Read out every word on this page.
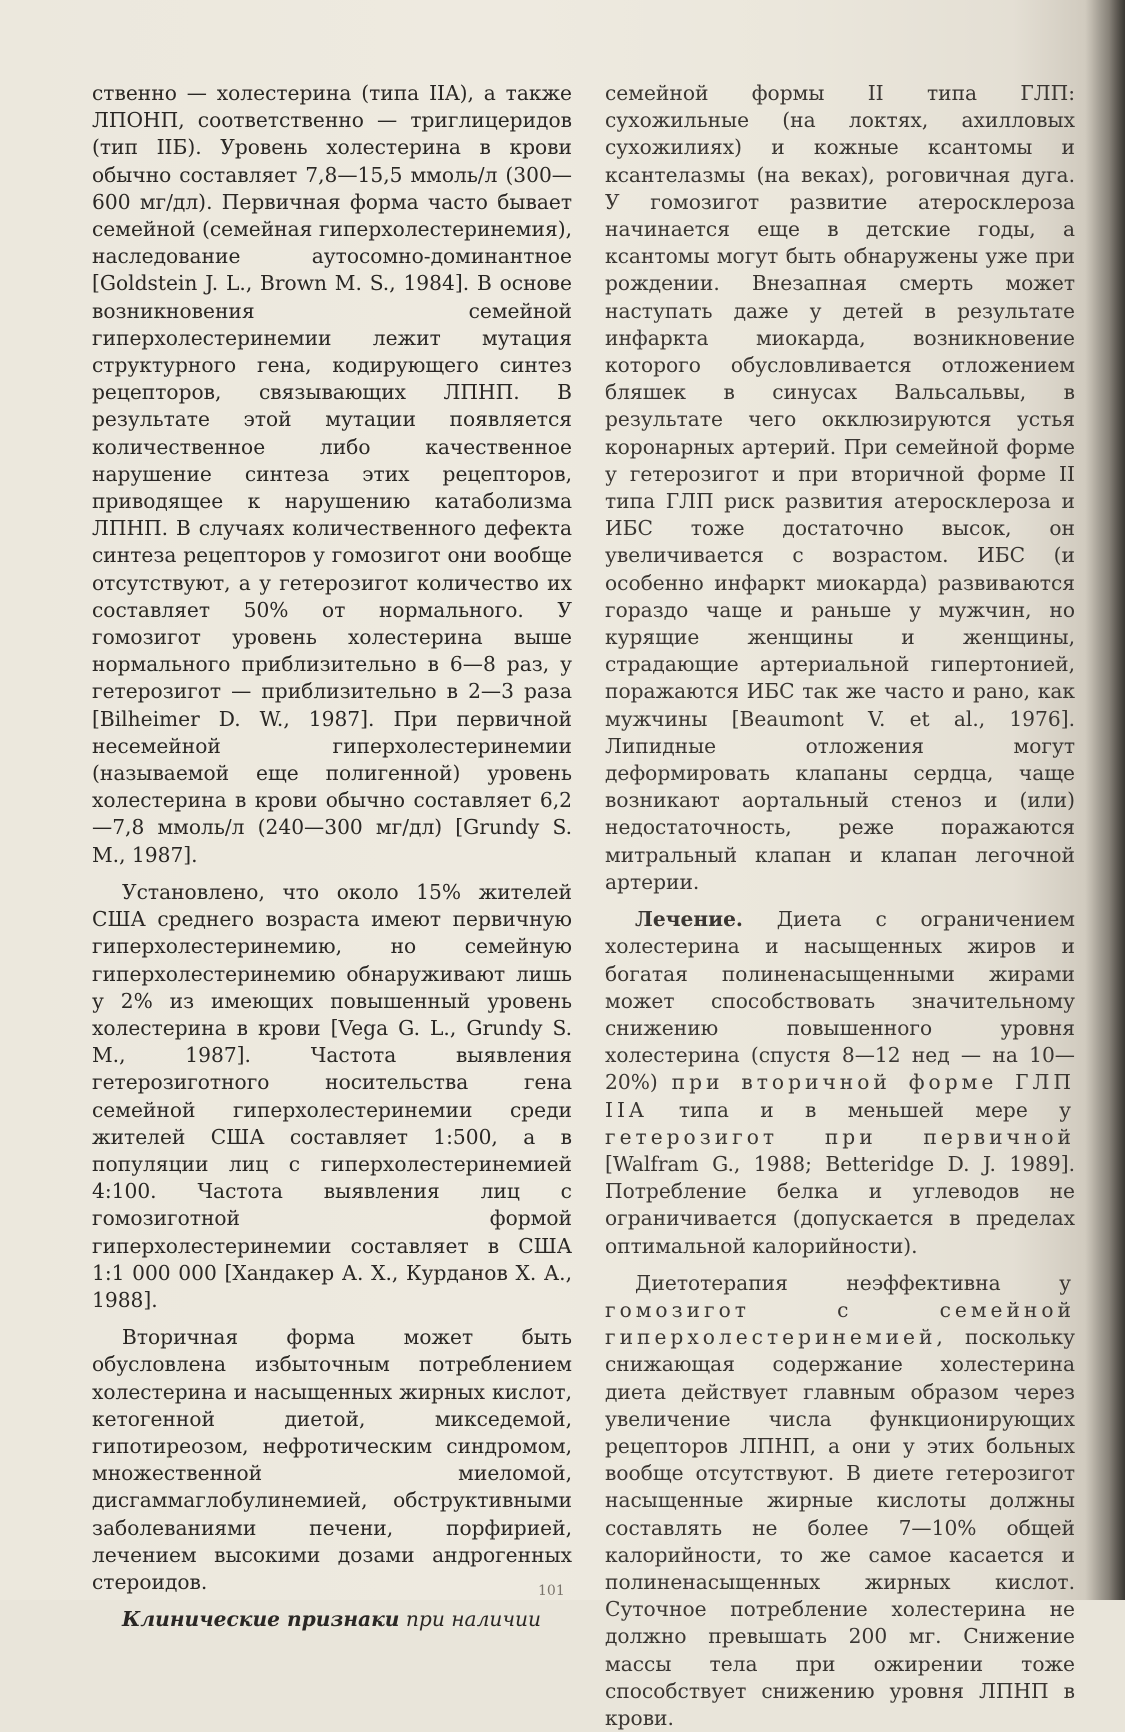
ственно — холестерина (типа IIA), а также ЛПОНП, соответственно — триглицеридов (тип IIБ). Уровень холестерина в крови обычно составляет 7,8—15,5 ммоль/л (300—600 мг/дл). Первичная форма часто бывает семейной (семейная гиперхолестеринемия), наследование аутосомно-доминантное [Goldstein J. L., Brown M. S., 1984]. В основе возникновения семейной гиперхолестеринемии лежит мутация структурного гена, кодирующего синтез рецепторов, связывающих ЛПНП. В результате этой мутации появляется количественное либо качественное нарушение синтеза этих рецепторов, приводящее к нарушению катаболизма ЛПНП. В случаях количественного дефекта синтеза рецепторов у гомозигот они вообще отсутствуют, а у гетерозигот количество их составляет 50% от нормального. У гомозигот уровень холестерина выше нормального приблизительно в 6—8 раз, у гетерозигот — приблизительно в 2—3 раза [Bilheimer D. W., 1987]. При первичной несемейной гиперхолестеринемии (называемой еще полигенной) уровень холестерина в крови обычно составляет 6,2—7,8 ммоль/л (240—300 мг/дл) [Grundy S. M., 1987].

Установлено, что около 15% жителей США среднего возраста имеют первичную гиперхолестеринемию, но семейную гиперхолестеринемию обнаруживают лишь у 2% из имеющих повышенный уровень холестерина в крови [Vega G. L., Grundy S. M., 1987]. Частота выявления гетерозиготного носительства гена семейной гиперхолестеринемии среди жителей США составляет 1:500, а в популяции лиц с гиперхолестеринемией 4:100. Частота выявления лиц с гомозиготной формой гиперхолестеринемии составляет в США 1:1 000 000 [Хандакер А. Х., Курданов Х. А., 1988].

Вторичная форма может быть обусловлена избыточным потреблением холестерина и насыщенных жирных кислот, кетогенной диетой, микседемой, гипотиреозом, нефротическим синдромом, множественной миеломой, дисгаммаглобулинемией, обструктивными заболеваниями печени, порфирией, лечением высокими дозами андрогенных стероидов.

Клинические признаки при наличии

семейной формы II типа ГЛП: сухожильные (на локтях, ахилловых сухожилиях) и кожные ксантомы и ксантелазмы (на веках), роговичная дуга. У гомозигот развитие атеросклероза начинается еще в детские годы, а ксантомы могут быть обнаружены уже при рождении. Внезапная смерть может наступать даже у детей в результате инфаркта миокарда, возникновение которого обусловливается отложением бляшек в синусах Вальсальвы, в результате чего окклюзируются устья коронарных артерий. При семейной форме у гетерозигот и при вторичной форме II типа ГЛП риск развития атеросклероза и ИБС тоже достаточно высок, он увеличивается с возрастом. ИБС (и особенно инфаркт миокарда) развиваются гораздо чаще и раньше у мужчин, но курящие женщины и женщины, страдающие артериальной гипертонией, поражаются ИБС так же часто и рано, как мужчины [Beaumont V. et al., 1976]. Липидные отложения могут деформировать клапаны сердца, чаще возникают аортальный стеноз и (или) недостаточность, реже поражаются митральный клапан и клапан легочной артерии.

Лечение. Диета с ограничением холестерина и насыщенных жиров и богатая полиненасыщенными жирами может способствовать значительному снижению повышенного уровня холестерина (спустя 8—12 нед — на 10—20%) при вторичной форме ГЛП IIA типа и в меньшей мере у гетерозигот при первичной [Walfram G., 1988; Betteridge D. J. 1989]. Потребление белка и углеводов не ограничивается (допускается в пределах оптимальной калорийности).

Диетотерапия неэффективна	у гомозигот с семейной гиперхолестеринемией, поскольку снижающая содержание холестерина диета действует главным образом через увеличение числа функционирующих рецепторов ЛПНП, а они у этих больных вообще отсутствуют. В диете гетерозигот насыщенные жирные кислоты должны составлять не более 7—10% общей калорийности, то же самое касается и полиненасыщенных жирных кислот. Суточное потребление холестерина не должно превышать 200 мг. Снижение массы тела при ожирении тоже способствует снижению уровня ЛПНП в крови.

101
